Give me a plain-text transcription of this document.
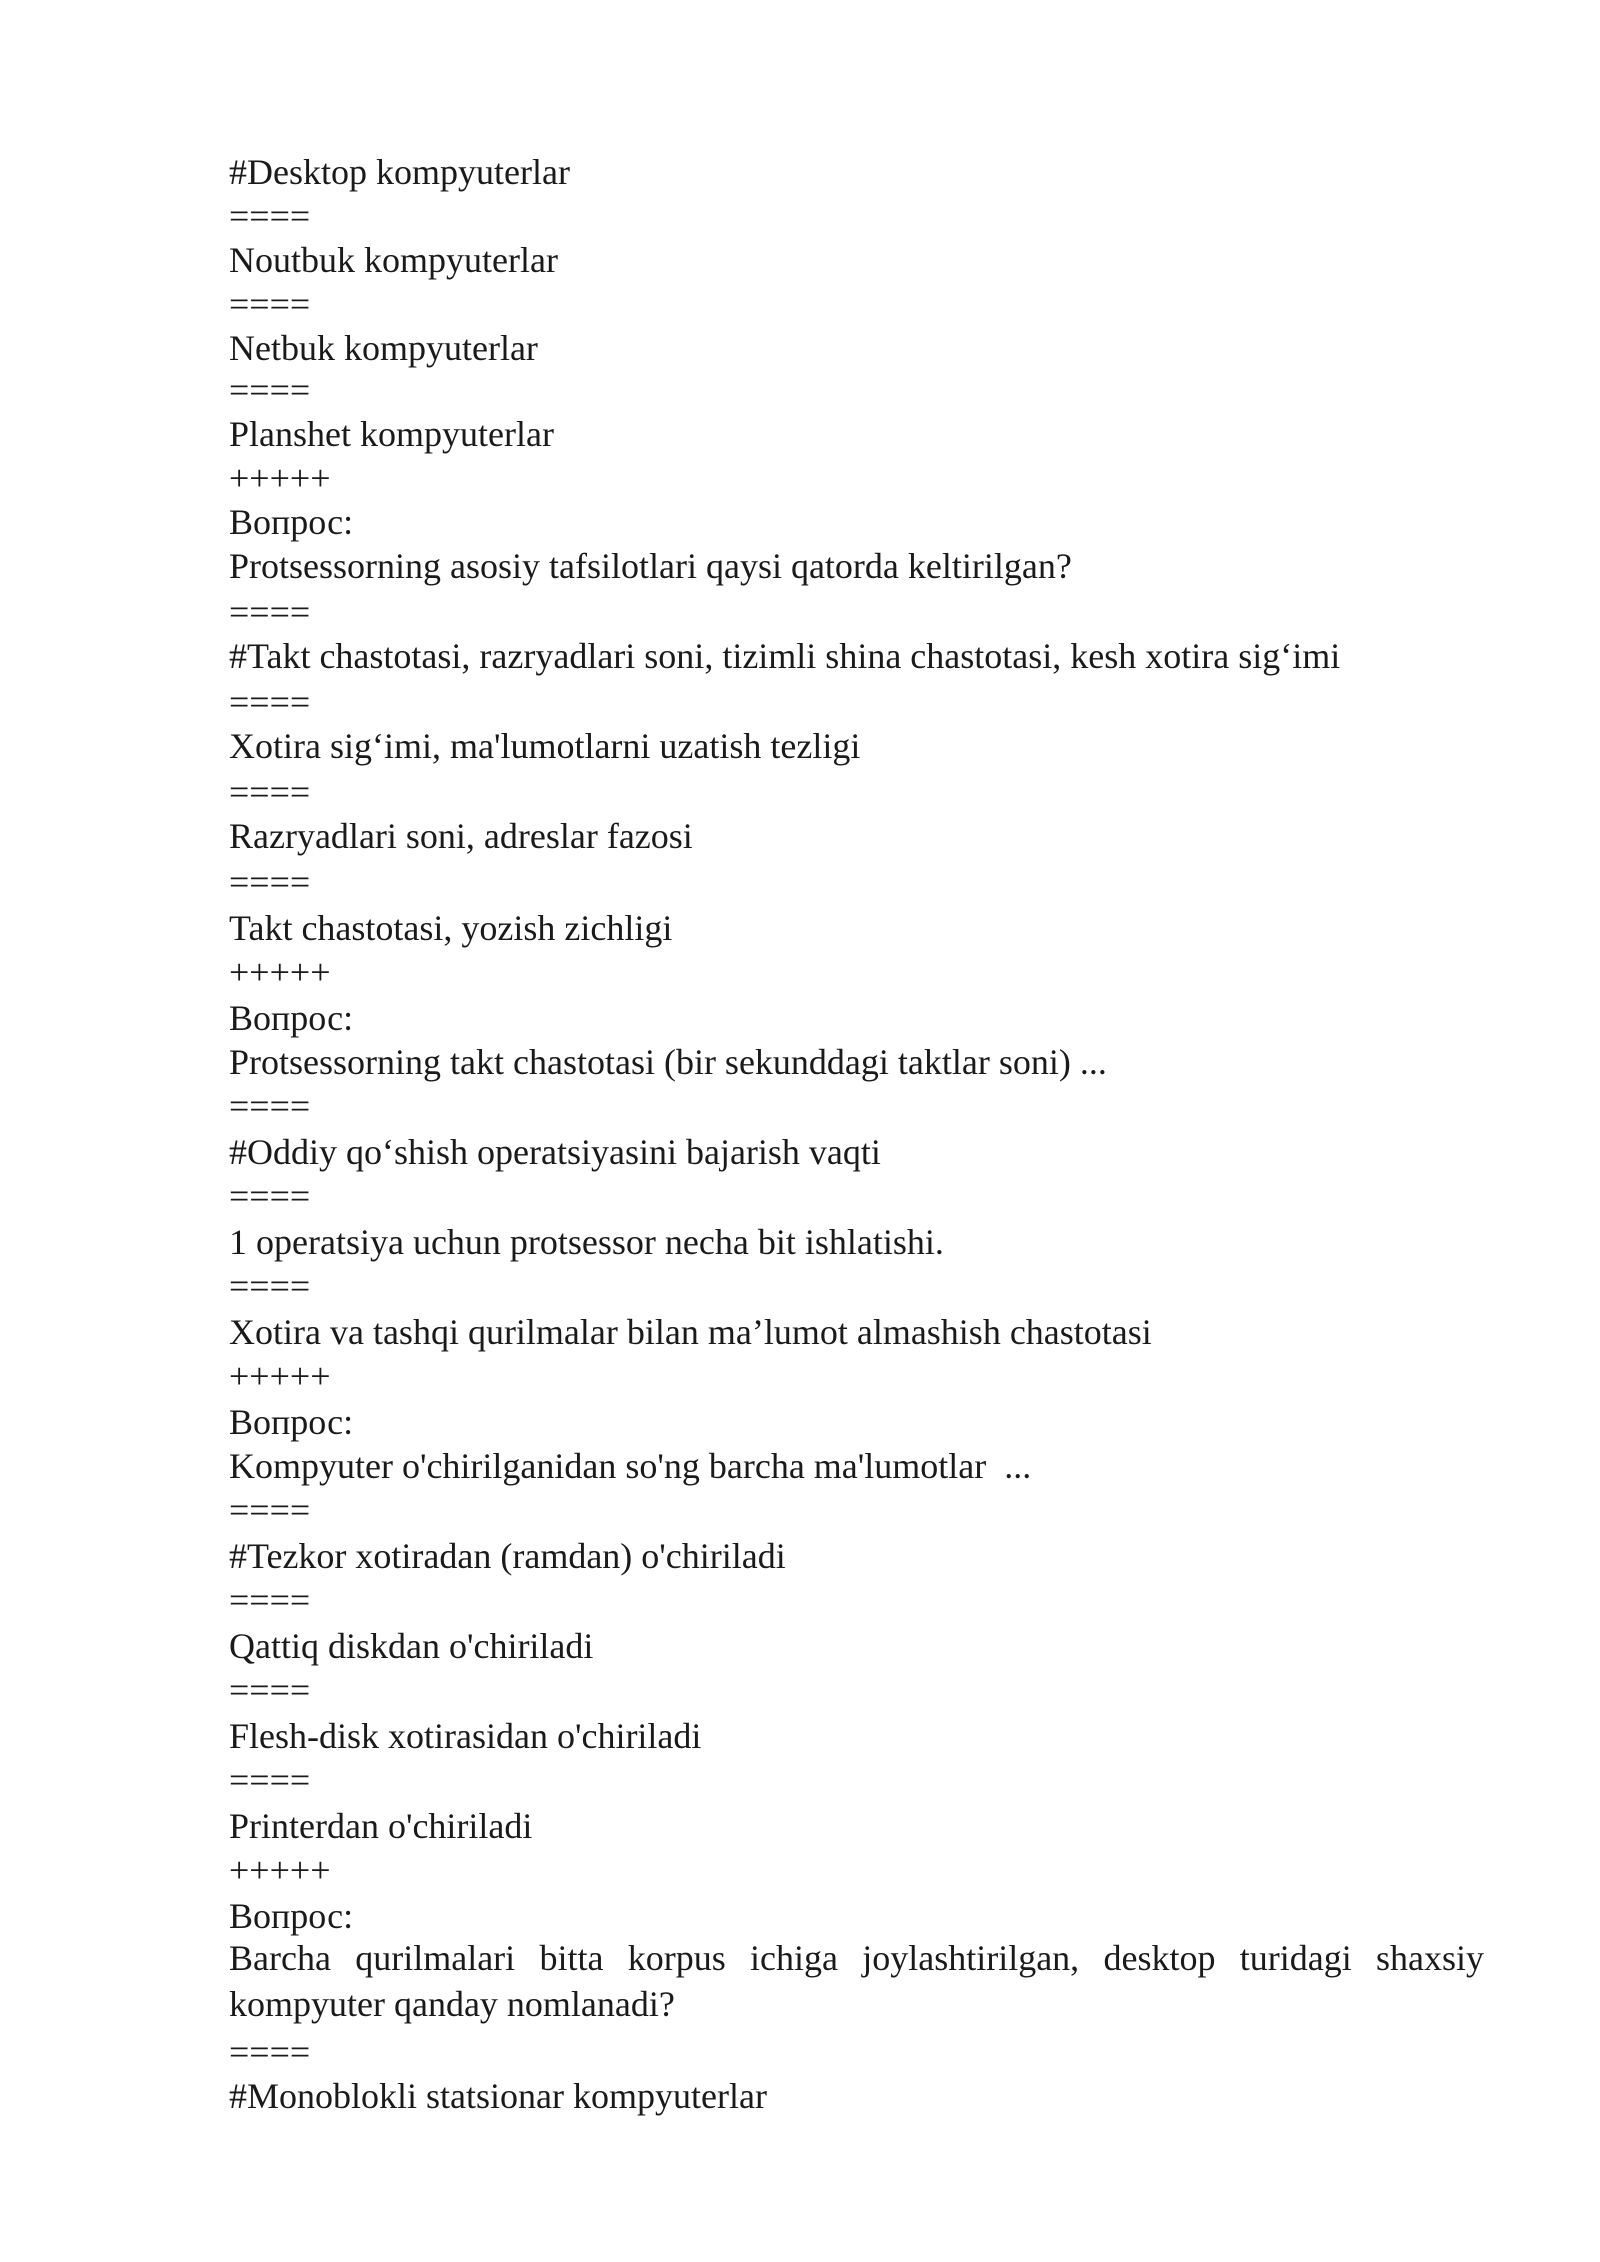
#Desktop kompyuterlar
====
Noutbuk kompyuterlar
====
Netbuk kompyuterlar
====
Planshet kompyuterlar
+++++
Вопрос:
Protsessorning asosiy tafsilotlari qaysi qatorda keltirilgan?
====
#Takt chastotasi, razryadlari soni, tizimli shina chastotasi, kesh xotira sig‘imi
====
Xotira sig‘imi, ma'lumotlarni uzatish tezligi
====
Razryadlari soni, adreslar fazosi
====
Takt chastotasi, yozish zichligi
+++++
Вопрос:
Protsessorning takt chastotasi (bir sekunddagi taktlar soni) ...
====
#Oddiy qo‘shish operatsiyasini bajarish vaqti
====
1 operatsiya uchun protsessor necha bit ishlatishi.
====
Xotira va tashqi qurilmalar bilan ma’lumot almashish chastotasi
+++++
Вопрос:
Kompyuter o'chirilganidan so'ng barcha ma'lumotlar  ...
====
#Tezkor xotiradan (ramdan) o'chiriladi
====
Qattiq diskdan o'chiriladi
====
Flesh-disk xotirasidan o'chiriladi
====
Printerdan o'chiriladi
+++++
Вопрос:
Barcha qurilmalari bitta korpus ichiga joylashtirilgan, desktop turidagi shaxsiy
kompyuter qanday nomlanadi?
====
#Monoblokli statsionar kompyuterlar
